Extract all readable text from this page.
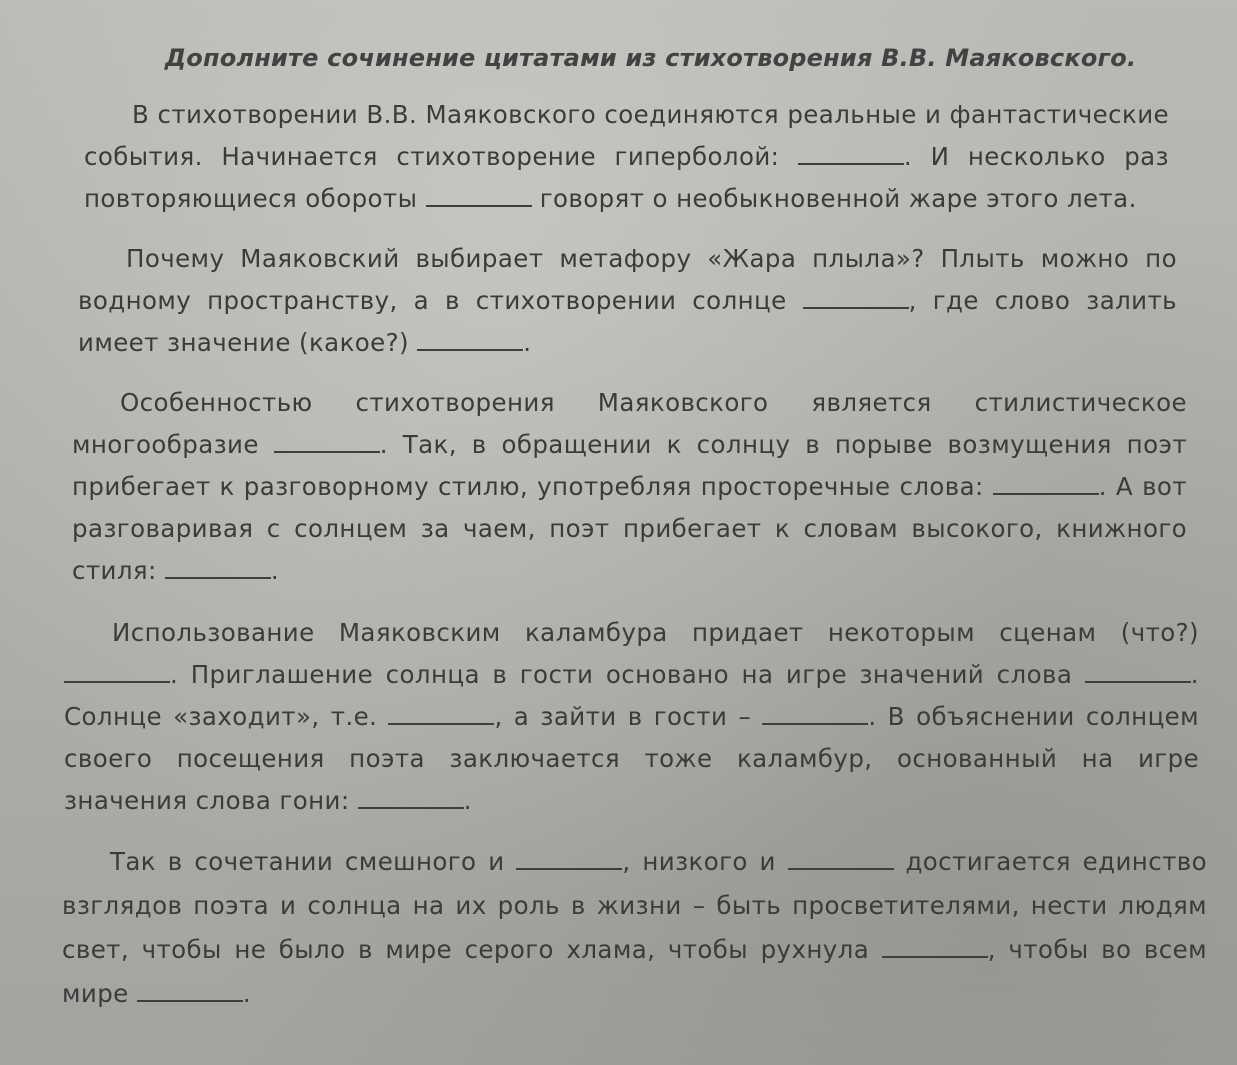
Дополните сочинение цитатами из стихотворения В.В. Маяковского.

В стихотворении В.В. Маяковского соединяются реальные и фантастические события. Начинается стихотворение гиперболой:	. И несколько раз повторяющиеся обороты	говорят о необыкновенной жаре этого лета.

Почему Маяковский выбирает метафору «Жара плыла»? Плыть можно по водному пространству, а в стихотворении солнце	, где слово залить имеет значение (какое?)	.

Особенностью стихотворения Маяковского является стилистическое многообразие	. Так, в обращении к солнцу в порыве возмущения поэт прибегает к разговорному стилю, употребляя просторечные слова:	. А вот разговаривая с солнцем за чаем, поэт прибегает к словам высокого, книжного стиля:	.

Использование Маяковским каламбура придает некоторым сценам (что?) . Приглашение солнца в гости основано на игре значений слова	. Солнце «заходит», т.е.	, а зайти в гости –	. В объяснении солнцем своего посещения поэта заключается тоже каламбур, основанный на игре значения слова гони:	.

Так в сочетании смешного и	, низкого и	достигается единство взглядов поэта и солнца на их роль в жизни – быть просветителями, нести людям свет, чтобы не было в мире серого хлама, чтобы рухнула	, чтобы во всем мире	.
